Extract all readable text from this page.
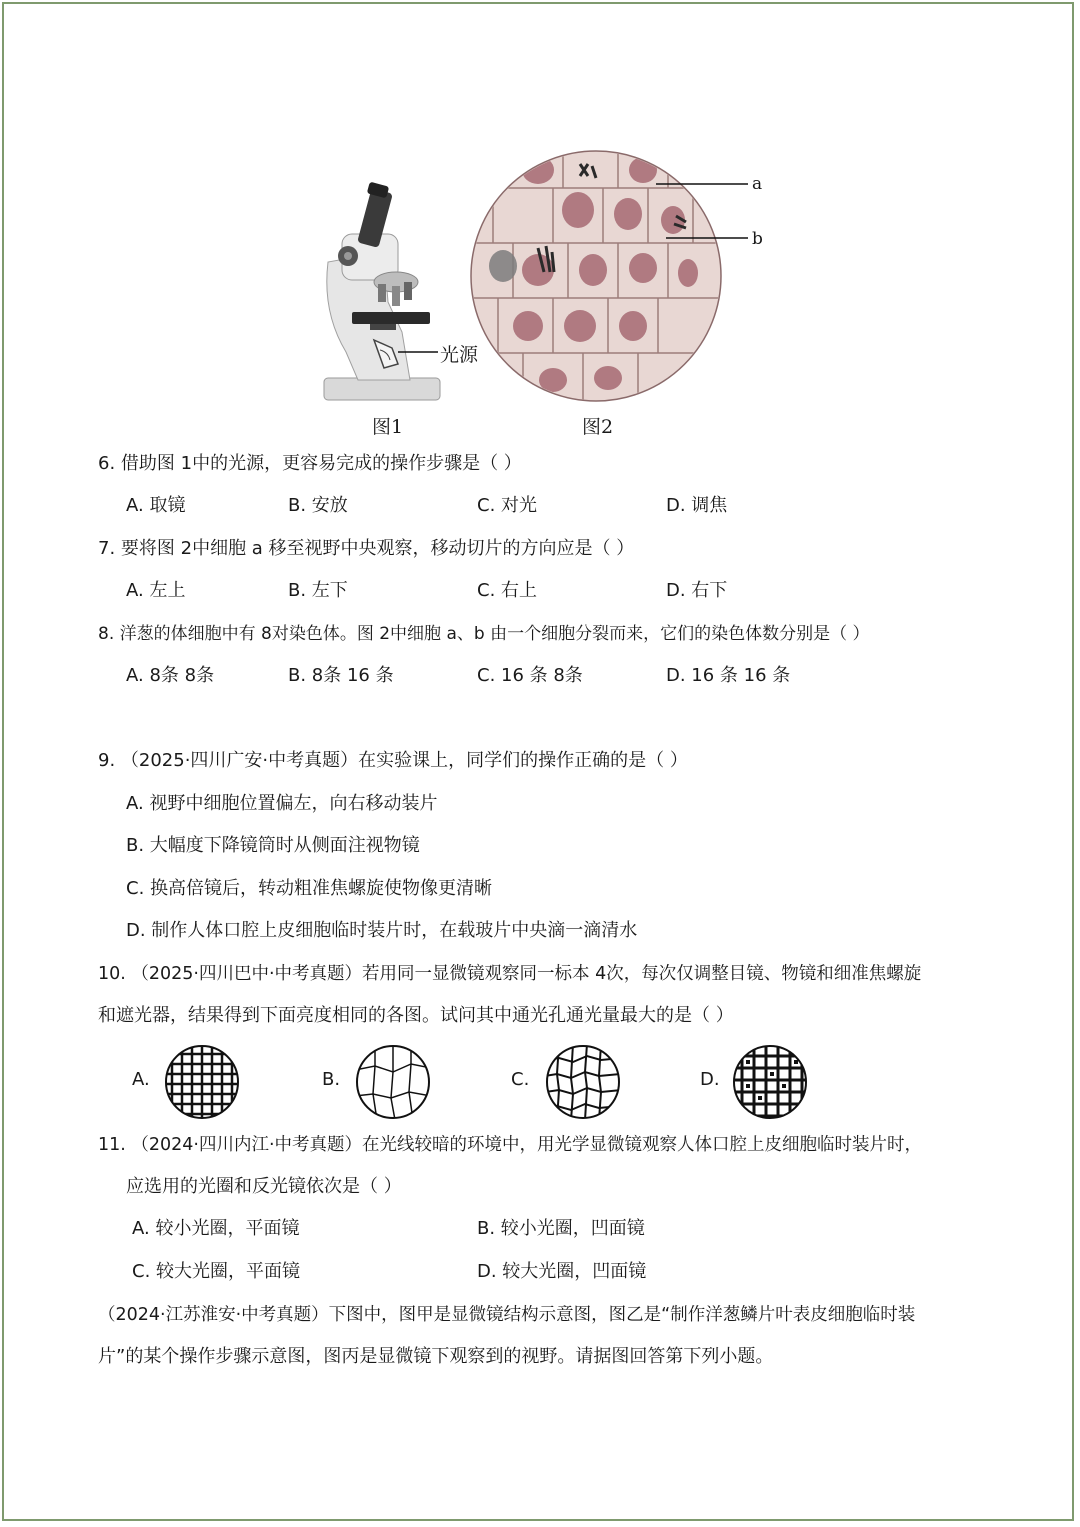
光源
图1
a
b
图2
6. 借助图 1中的光源，更容易完成的操作步骤是（ ）
A. 取镜	B. 安放	C. 对光	D. 调焦
7. 要将图 2中细胞 a 移至视野中央观察，移动切片的方向应是（ ）
A. 左上	B. 左下	C. 右上	D. 右下
8. 洋葱的体细胞中有 8对染色体。图 2中细胞 a、b 由一个细胞分裂而来，它们的染色体数分别是（ ）
A. 8条 8条	B. 8条 16 条	C. 16 条 8条	D. 16 条 16 条
9. （2025·四川广安·中考真题）在实验课上，同学们的操作正确的是（ ）
A. 视野中细胞位置偏左，向右移动装片
B. 大幅度下降镜筒时从侧面注视物镜
C. 换高倍镜后，转动粗准焦螺旋使物像更清晰
D. 制作人体口腔上皮细胞临时装片时，在载玻片中央滴一滴清水
10. （2025·四川巴中·中考真题）若用同一显微镜观察同一标本 4次，每次仅调整目镜、物镜和细准焦螺旋
和遮光器，结果得到下面亮度相同的各图。试问其中通光孔通光量最大的是（ ）
A.	B.	C.	D.
11. （2024·四川内江·中考真题）在光线较暗的环境中，用光学显微镜观察人体口腔上皮细胞临时装片时，
应选用的光圈和反光镜依次是（ ）
A. 较小光圈，平面镜	B. 较小光圈，凹面镜
C. 较大光圈，平面镜	D. 较大光圈，凹面镜
（2024·江苏淮安·中考真题）下图中，图甲是显微镜结构示意图，图乙是“制作洋葱鳞片叶表皮细胞临时装
片”的某个操作步骤示意图，图丙是显微镜下观察到的视野。请据图回答第下列小题。
